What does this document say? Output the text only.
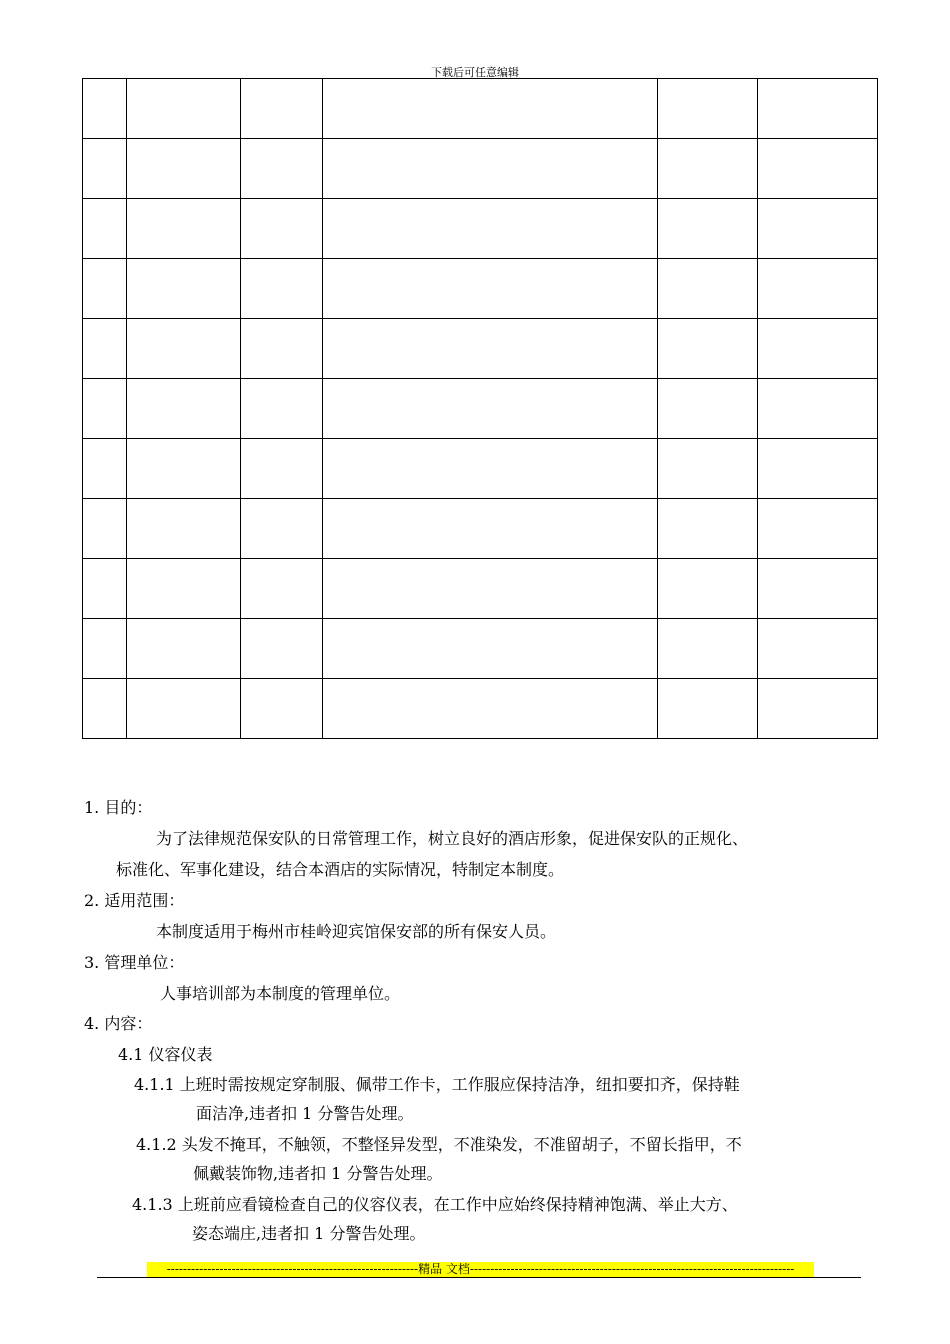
下载后可任意编辑

1. 目的：
为了法律规范保安队的日常管理工作，树立良好的酒店形象，促进保安队的正规化、
标准化、军事化建设，结合本酒店的实际情况，特制定本制度。
2. 适用范围：
本制度适用于梅州市桂岭迎宾馆保安部的所有保安人员。
3. 管理单位：
人事培训部为本制度的管理单位。
4. 内容：
4.1 仪容仪表
4.1.1 上班时需按规定穿制服、佩带工作卡，工作服应保持洁净，纽扣要扣齐，保持鞋
面洁净,违者扣 1 分警告处理。
4.1.2 头发不掩耳，不触领，不整怪异发型，不准染发，不准留胡子，不留长指甲，不
佩戴装饰物,违者扣 1 分警告处理。
4.1.3 上班前应看镜检查自己的仪容仪表，在工作中应始终保持精神饱满、举止大方、
姿态端庄,违者扣 1 分警告处理。
--------------------------------------------------------------精品 文档--------------------------------------------------------------------------------
